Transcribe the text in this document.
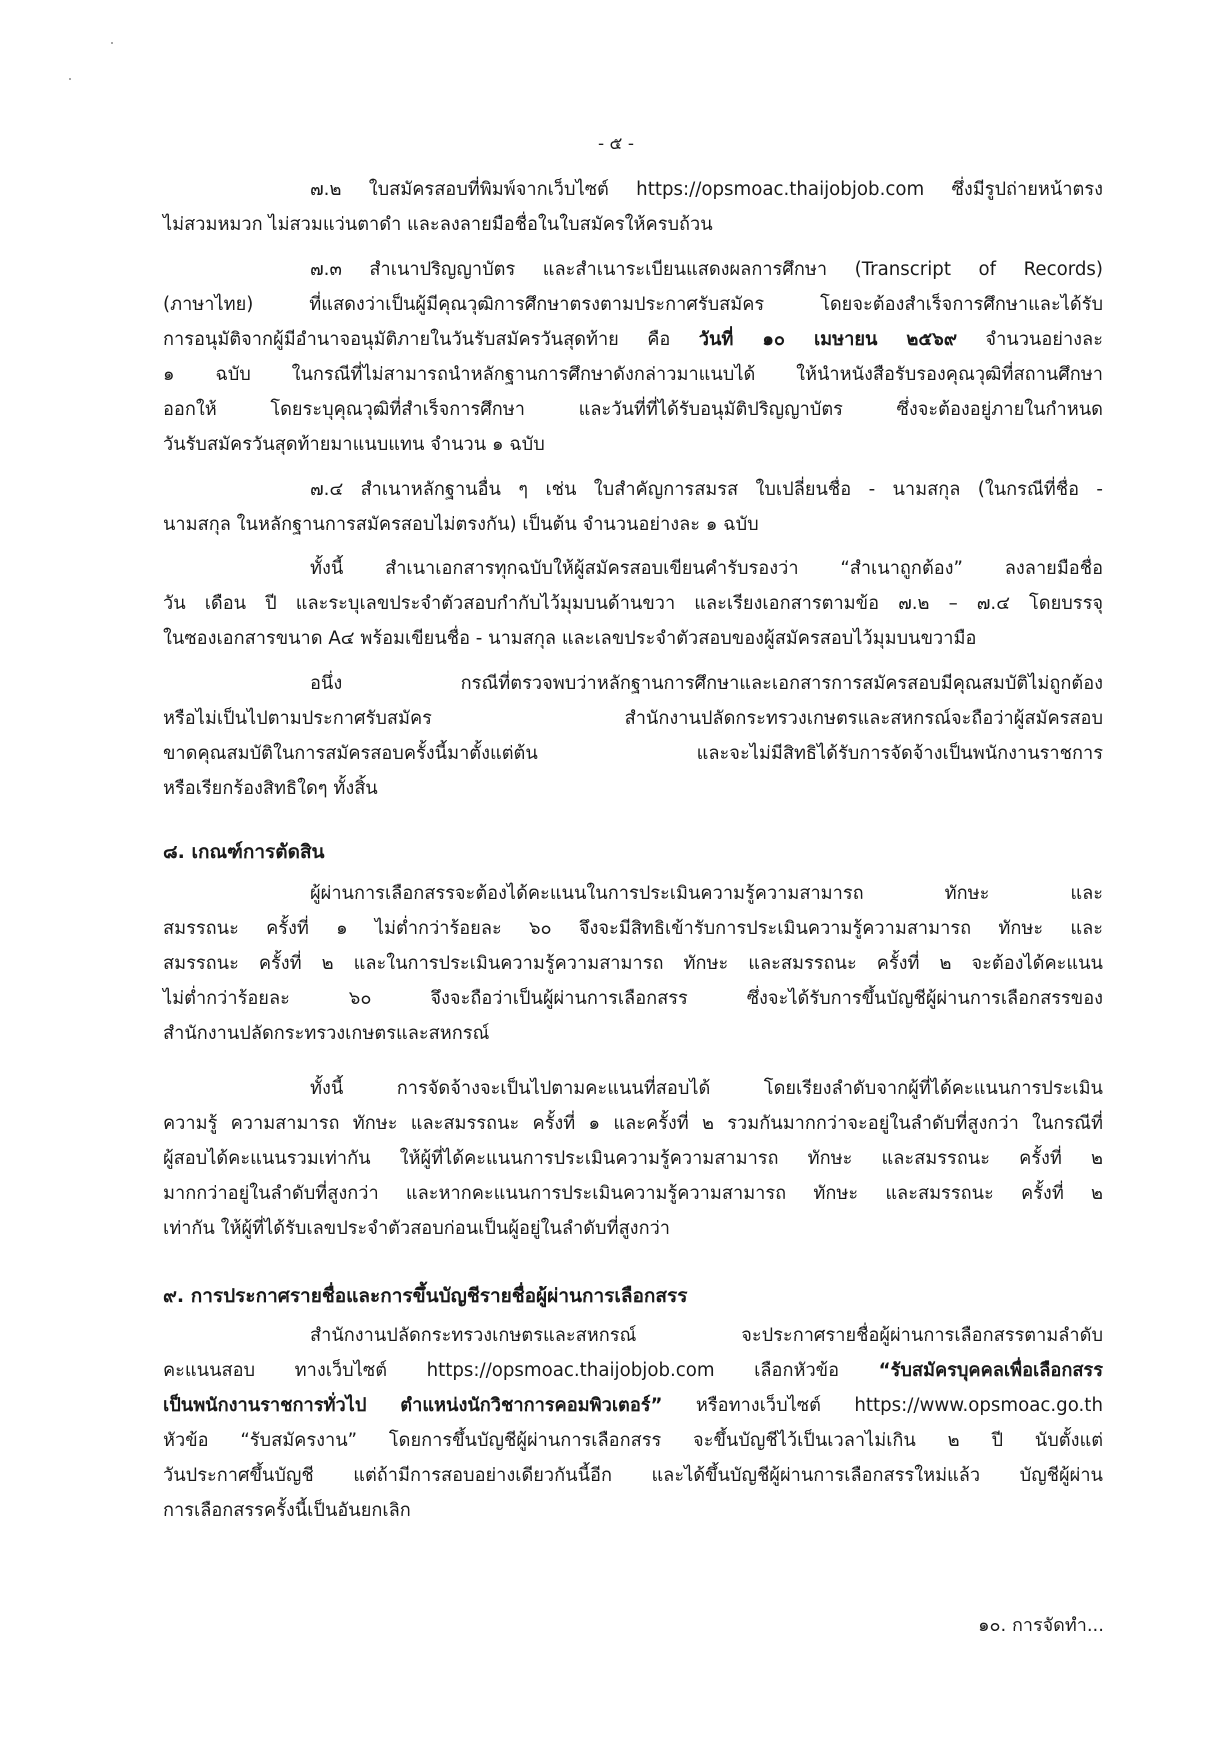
- ๕ -
๗.๒ ใบสมัครสอบที่พิมพ์จากเว็บไซต์ https://opsmoac.thaijobjob.com ซึ่งมีรูปถ่ายหน้าตรง
ไม่สวมหมวก ไม่สวมแว่นตาดำ และลงลายมือชื่อในใบสมัครให้ครบถ้วน
๗.๓ สำเนาปริญญาบัตร และสำเนาระเบียนแสดงผลการศึกษา (Transcript of Records)
(ภาษาไทย) ที่แสดงว่าเป็นผู้มีคุณวุฒิการศึกษาตรงตามประกาศรับสมัคร โดยจะต้องสำเร็จการศึกษาและได้รับ
การอนุมัติจากผู้มีอำนาจอนุมัติภายในวันรับสมัครวันสุดท้าย คือ วันที่ ๑๐ เมษายน ๒๕๖๙ จำนวนอย่างละ
๑ ฉบับ ในกรณีที่ไม่สามารถนำหลักฐานการศึกษาดังกล่าวมาแนบได้ ให้นำหนังสือรับรองคุณวุฒิที่สถานศึกษา
ออกให้ โดยระบุคุณวุฒิที่สำเร็จการศึกษา และวันที่ที่ได้รับอนุมัติปริญญาบัตร ซึ่งจะต้องอยู่ภายในกำหนด
วันรับสมัครวันสุดท้ายมาแนบแทน จำนวน ๑ ฉบับ
๗.๔ สำเนาหลักฐานอื่น ๆ เช่น ใบสำคัญการสมรส ใบเปลี่ยนชื่อ - นามสกุล (ในกรณีที่ชื่อ -
นามสกุล ในหลักฐานการสมัครสอบไม่ตรงกัน) เป็นต้น จำนวนอย่างละ ๑ ฉบับ
ทั้งนี้ สำเนาเอกสารทุกฉบับให้ผู้สมัครสอบเขียนคำรับรองว่า “สำเนาถูกต้อง” ลงลายมือชื่อ
วัน เดือน ปี และระบุเลขประจำตัวสอบกำกับไว้มุมบนด้านขวา และเรียงเอกสารตามข้อ ๗.๒ – ๗.๔ โดยบรรจุ
ในซองเอกสารขนาด A๔ พร้อมเขียนชื่อ - นามสกุล และเลขประจำตัวสอบของผู้สมัครสอบไว้มุมบนขวามือ
อนึ่ง กรณีที่ตรวจพบว่าหลักฐานการศึกษาและเอกสารการสมัครสอบมีคุณสมบัติไม่ถูกต้อง
หรือไม่เป็นไปตามประกาศรับสมัคร สำนักงานปลัดกระทรวงเกษตรและสหกรณ์จะถือว่าผู้สมัครสอบ
ขาดคุณสมบัติในการสมัครสอบครั้งนี้มาตั้งแต่ต้น และจะไม่มีสิทธิได้รับการจัดจ้างเป็นพนักงานราชการ
หรือเรียกร้องสิทธิใดๆ ทั้งสิ้น
๘. เกณฑ์การตัดสิน
ผู้ผ่านการเลือกสรรจะต้องได้คะแนนในการประเมินความรู้ความสามารถ ทักษะ และ
สมรรถนะ ครั้งที่ ๑ ไม่ต่ำกว่าร้อยละ ๖๐ จึงจะมีสิทธิเข้ารับการประเมินความรู้ความสามารถ ทักษะ และ
สมรรถนะ ครั้งที่ ๒ และในการประเมินความรู้ความสามารถ ทักษะ และสมรรถนะ ครั้งที่ ๒ จะต้องได้คะแนน
ไม่ต่ำกว่าร้อยละ ๖๐ จึงจะถือว่าเป็นผู้ผ่านการเลือกสรร ซึ่งจะได้รับการขึ้นบัญชีผู้ผ่านการเลือกสรรของ
สำนักงานปลัดกระทรวงเกษตรและสหกรณ์
ทั้งนี้ การจัดจ้างจะเป็นไปตามคะแนนที่สอบได้ โดยเรียงลำดับจากผู้ที่ได้คะแนนการประเมิน
ความรู้ ความสามารถ ทักษะ และสมรรถนะ ครั้งที่ ๑ และครั้งที่ ๒ รวมกันมากกว่าจะอยู่ในลำดับที่สูงกว่า ในกรณีที่
ผู้สอบได้คะแนนรวมเท่ากัน ให้ผู้ที่ได้คะแนนการประเมินความรู้ความสามารถ ทักษะ และสมรรถนะ ครั้งที่ ๒
มากกว่าอยู่ในลำดับที่สูงกว่า และหากคะแนนการประเมินความรู้ความสามารถ ทักษะ และสมรรถนะ ครั้งที่ ๒
เท่ากัน ให้ผู้ที่ได้รับเลขประจำตัวสอบก่อนเป็นผู้อยู่ในลำดับที่สูงกว่า
๙. การประกาศรายชื่อและการขึ้นบัญชีรายชื่อผู้ผ่านการเลือกสรร
สำนักงานปลัดกระทรวงเกษตรและสหกรณ์ จะประกาศรายชื่อผู้ผ่านการเลือกสรรตามลำดับ
คะแนนสอบ ทางเว็บไซต์ https://opsmoac.thaijobjob.com เลือกหัวข้อ “รับสมัครบุคคลเพื่อเลือกสรร
เป็นพนักงานราชการทั่วไป ตำแหน่งนักวิชาการคอมพิวเตอร์” หรือทางเว็บไซต์ https://www.opsmoac.go.th
หัวข้อ “รับสมัครงาน” โดยการขึ้นบัญชีผู้ผ่านการเลือกสรร จะขึ้นบัญชีไว้เป็นเวลาไม่เกิน ๒ ปี นับตั้งแต่
วันประกาศขึ้นบัญชี แต่ถ้ามีการสอบอย่างเดียวกันนี้อีก และได้ขึ้นบัญชีผู้ผ่านการเลือกสรรใหม่แล้ว บัญชีผู้ผ่าน
การเลือกสรรครั้งนี้เป็นอันยกเลิก
๑๐. การจัดทำ...
